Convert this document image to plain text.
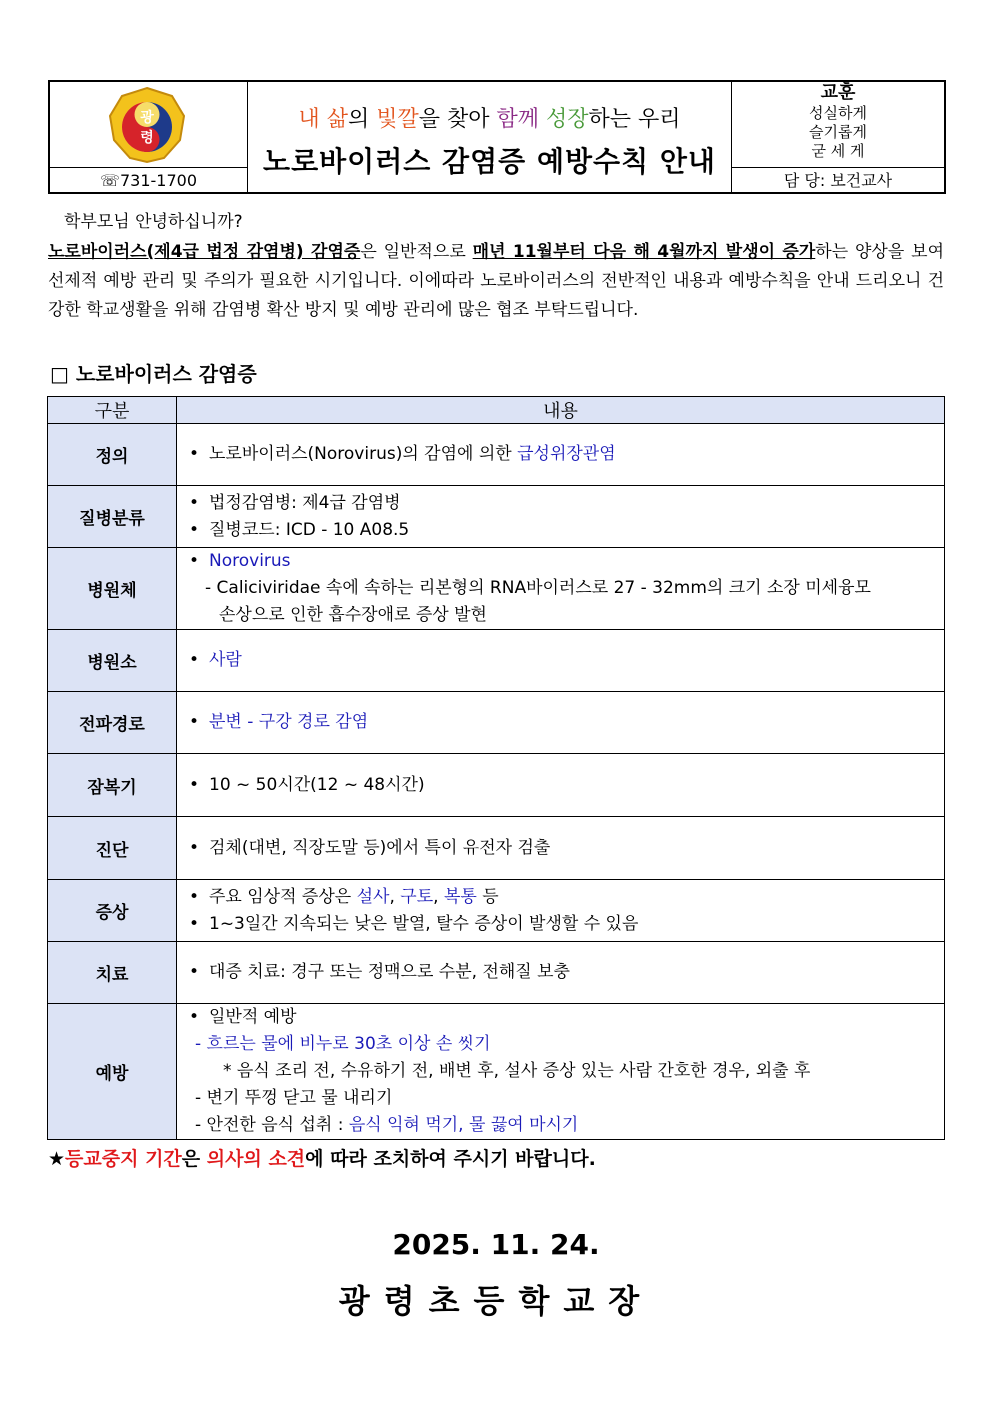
광
령
☏731-1700
내 삶의 빛깔을 찾아 함께 성장하는 우리
노로바이러스 감염증 예방수칙 안내
교훈
성실하게
슬기롭게
굳 세 게
담 당: 보건교사
학부모님 안녕하십니까?
노로바이러스(제4급 법정 감염병) 감염증은 일반적으로 매년 11월부터 다음 해 4월까지 발생이 증가하는 양상을 보여 선제적 예방 관리 및 주의가 필요한 시기입니다. 이에따라 노로바이러스의 전반적인 내용과 예방수칙을 안내 드리오니 건강한 학교생활을 위해 감염병 확산 방지 및 예방 관리에 많은 협조 부탁드립니다.
□ 노로바이러스 감염증
구분	내용
정의	• 노로바이러스(Norovirus)의 감염에 의한 급성위장관염
질병분류	• 법정감염병: 제4급 감염병
• 질병코드: ICD - 10 A08.5

병원체	• Norovirus
- Caliciviridae 속에 속하는 리본형의 RNA바이러스로 27 - 32mm의 크기 소장 미세융모
손상으로 인한 흡수장애로 증상 발현

병원소	• 사람
전파경로	• 분변 - 구강 경로 감염
잠복기	• 10 ~ 50시간(12 ~ 48시간)
진단	• 검체(대변, 직장도말 등)에서 특이 유전자 검출
증상	• 주요 임상적 증상은 설사, 구토, 복통 등
• 1~3일간 지속되는 낮은 발열, 탈수 증상이 발생할 수 있음

치료	• 대증 치료: 경구 또는 정맥으로 수분, 전해질 보충
예방	• 일반적 예방
- 흐르는 물에 비누로 30초 이상 손 씻기
* 음식 조리 전, 수유하기 전, 배변 후, 설사 증상 있는 사람 간호한 경우, 외출 후
- 변기 뚜껑 닫고 물 내리기
- 안전한 음식 섭취 : 음식 익혀 먹기, 물 끓여 마시기
★등교중지 기간은 의사의 소견에 따라 조치하여 주시기 바랍니다.
2025. 11. 24.
광령초등학교장
